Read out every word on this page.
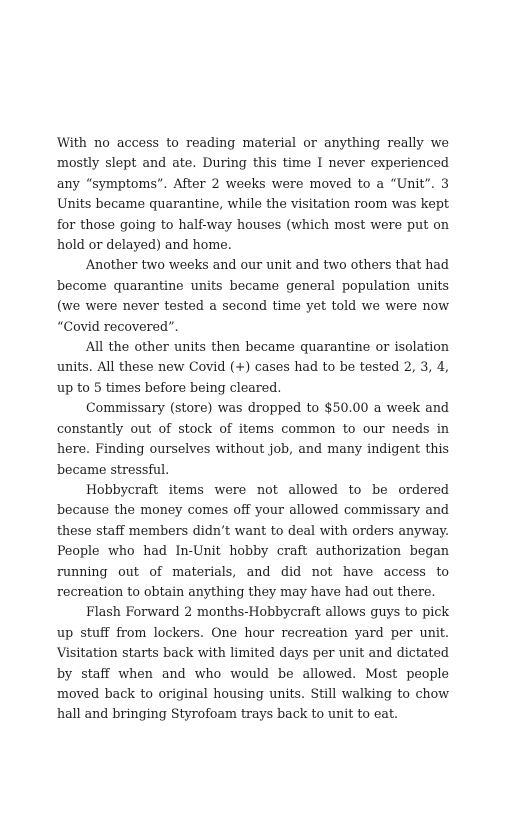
With no access to reading material or anything really we mostly slept and ate. During this time I never experienced any “symptoms”. After 2 weeks were moved to a “Unit”. 3 Units became quarantine, while the visitation room was kept for those going to half-way houses (which most were put on hold or delayed) and home.

Another two weeks and our unit and two others that had become quarantine units became general population units (we were never tested a second time yet told we were now “Covid recovered”.

All the other units then became quarantine or isolation units. All these new Covid (+) cases had to be tested 2, 3, 4, up to 5 times before being cleared.

Commissary (store) was dropped to $50.00 a week and constantly out of stock of items common to our needs in here. Finding ourselves without job, and many indigent this became stressful.

Hobbycraft items were not allowed to be ordered because the money comes off your allowed commissary and these staff members didn’t want to deal with orders anyway. People who had In-Unit hobby craft authorization began running out of materials, and did not have access to recreation to obtain anything they may have had out there.

Flash Forward 2 months-Hobbycraft allows guys to pick up stuff from lockers. One hour recreation yard per unit. Visitation starts back with limited days per unit and dictated by staff when and who would be allowed. Most people moved back to original housing units. Still walking to chow hall and bringing Styrofoam trays back to unit to eat.
